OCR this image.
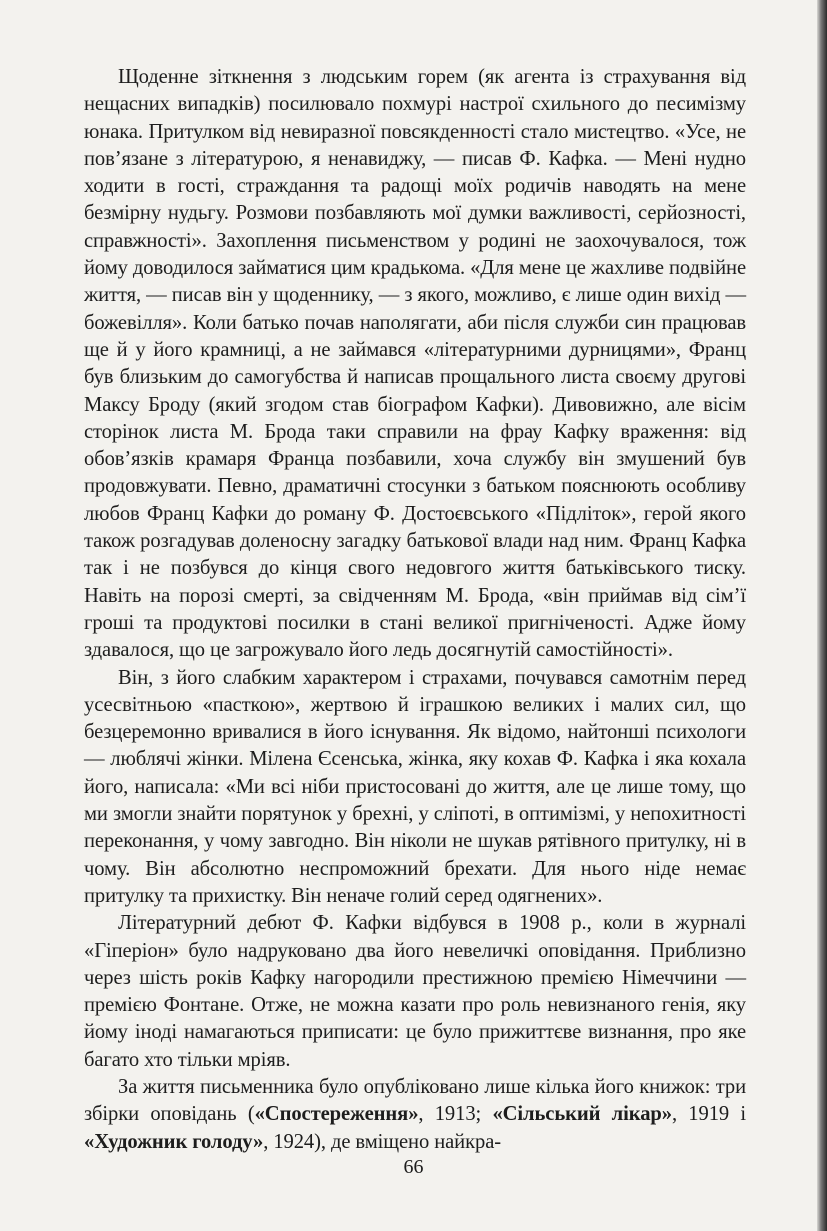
Щоденне зіткнення з людським горем (як агента із страхування від нещасних випадків) посилювало похмурі настрої схильного до песимізму юнака. Притулком від невиразної повсякденності стало мистецтво. «Усе, не пов’язане з літературою, я ненавиджу, — писав Ф. Кафка. — Мені нудно ходити в гості, страждання та радощі моїх родичів наводять на мене безмірну нудьгу. Розмови позбавляють мої думки важливості, серйозності, справжності». Захоплення письменством у родині не заохочувалося, тож йому доводилося займатися цим крадькома. «Для мене це жахливе подвійне життя, — писав він у щоденнику, — з якого, можливо, є лише один вихід — божевілля». Коли батько почав наполягати, аби після служби син працював ще й у його крамниці, а не займався «літературними дурницями», Франц був близьким до самогубства й написав прощального листа своєму другові Максу Броду (який згодом став біографом Кафки). Дивовижно, але вісім сторінок листа М. Брода таки справили на фрау Кафку враження: від обов’язків крамаря Франца позбавили, хоча службу він змушений був продовжувати. Певно, драматичні стосунки з батьком пояснюють особливу любов Франц Кафки до роману Ф. Достоєвського «Підліток», герой якого також розгадував доленосну загадку батькової влади над ним. Франц Кафка так і не позбувся до кінця свого недовгого життя батьківського тиску. Навіть на порозі смерті, за свідченням М. Брода, «він приймав від сім’ї гроші та продуктові посилки в стані великої пригніченості. Адже йому здавалося, що це загрожувало його ледь досягнутій самостійності».

Він, з його слабким характером і страхами, почувався самотнім перед усесвітньою «пасткою», жертвою й іграшкою великих і малих сил, що безцеремонно вривалися в його існування. Як відомо, найтонші психологи — люблячі жінки. Мілена Єсенська, жінка, яку кохав Ф. Кафка і яка кохала його, написала: «Ми всі ніби пристосовані до життя, але це лише тому, що ми змогли знайти порятунок у брехні, у сліпоті, в оптимізмі, у непохитності переконання, у чому завгодно. Він ніколи не шукав рятівного притулку, ні в чому. Він абсолютно неспроможний брехати. Для нього ніде немає притулку та прихистку. Він неначе голий серед одягнених».

Літературний дебют Ф. Кафки відбувся в 1908 р., коли в журналі «Гіперіон» було надруковано два його невеличкі оповідання. Приблизно через шість років Кафку нагородили престижною премією Німеччини — премією Фонтане. Отже, не можна казати про роль невизнаного генія, яку йому іноді намагаються приписати: це було прижиттєве визнання, про яке багато хто тільки мріяв.

За життя письменника було опубліковано лише кілька його книжок: три збірки оповідань («Спостереження», 1913; «Сільський лікар», 1919 і «Художник голоду», 1924), де вміщено найкра-

66
